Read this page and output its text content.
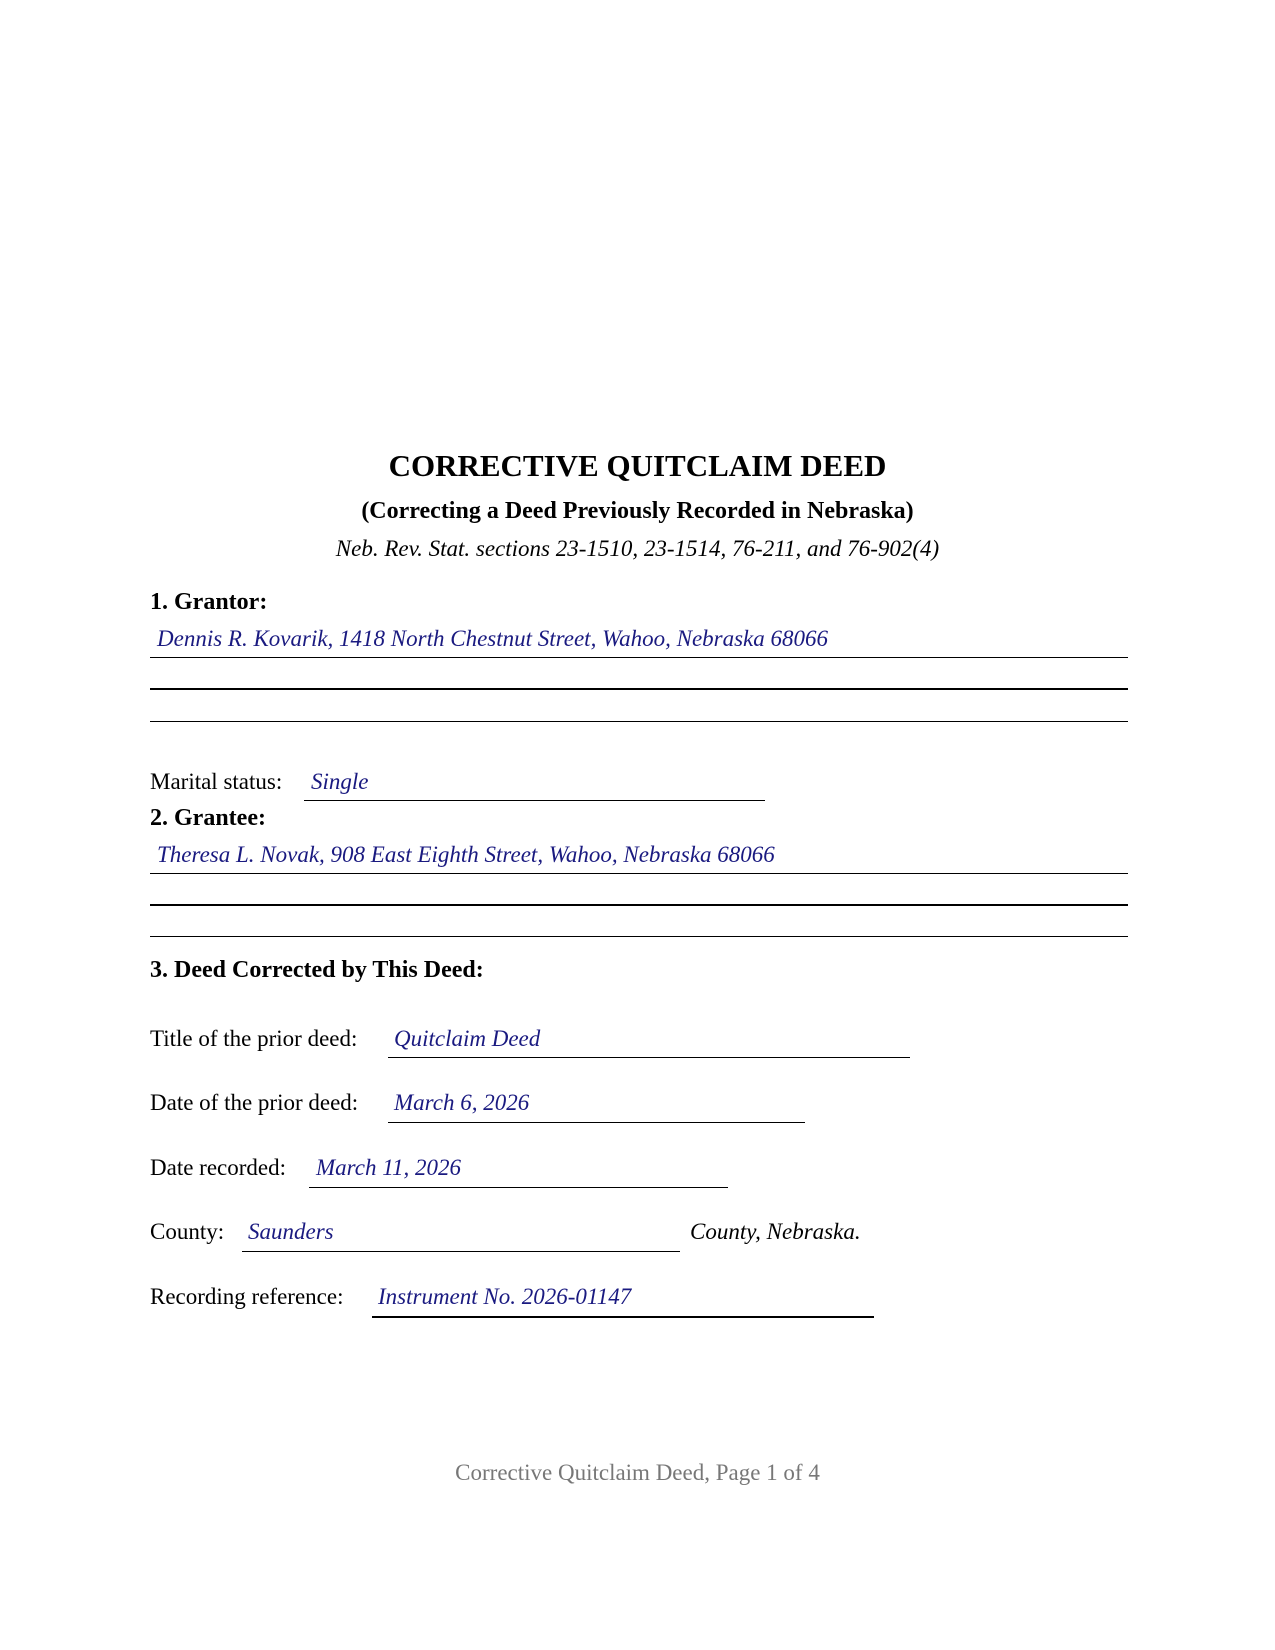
CORRECTIVE QUITCLAIM DEED
(Correcting a Deed Previously Recorded in Nebraska)
Neb. Rev. Stat. sections 23-1510, 23-1514, 76-211, and 76-902(4)
1. Grantor:
Dennis R. Kovarik, 1418 North Chestnut Street, Wahoo, Nebraska 68066
Marital status: Single
2. Grantee:
Theresa L. Novak, 908 East Eighth Street, Wahoo, Nebraska 68066
3. Deed Corrected by This Deed:
Title of the prior deed: Quitclaim Deed
Date of the prior deed: March 6, 2026
Date recorded: March 11, 2026
County: Saunders	County, Nebraska.
Recording reference: Instrument No. 2026-01147
Corrective Quitclaim Deed, Page 1 of 4
